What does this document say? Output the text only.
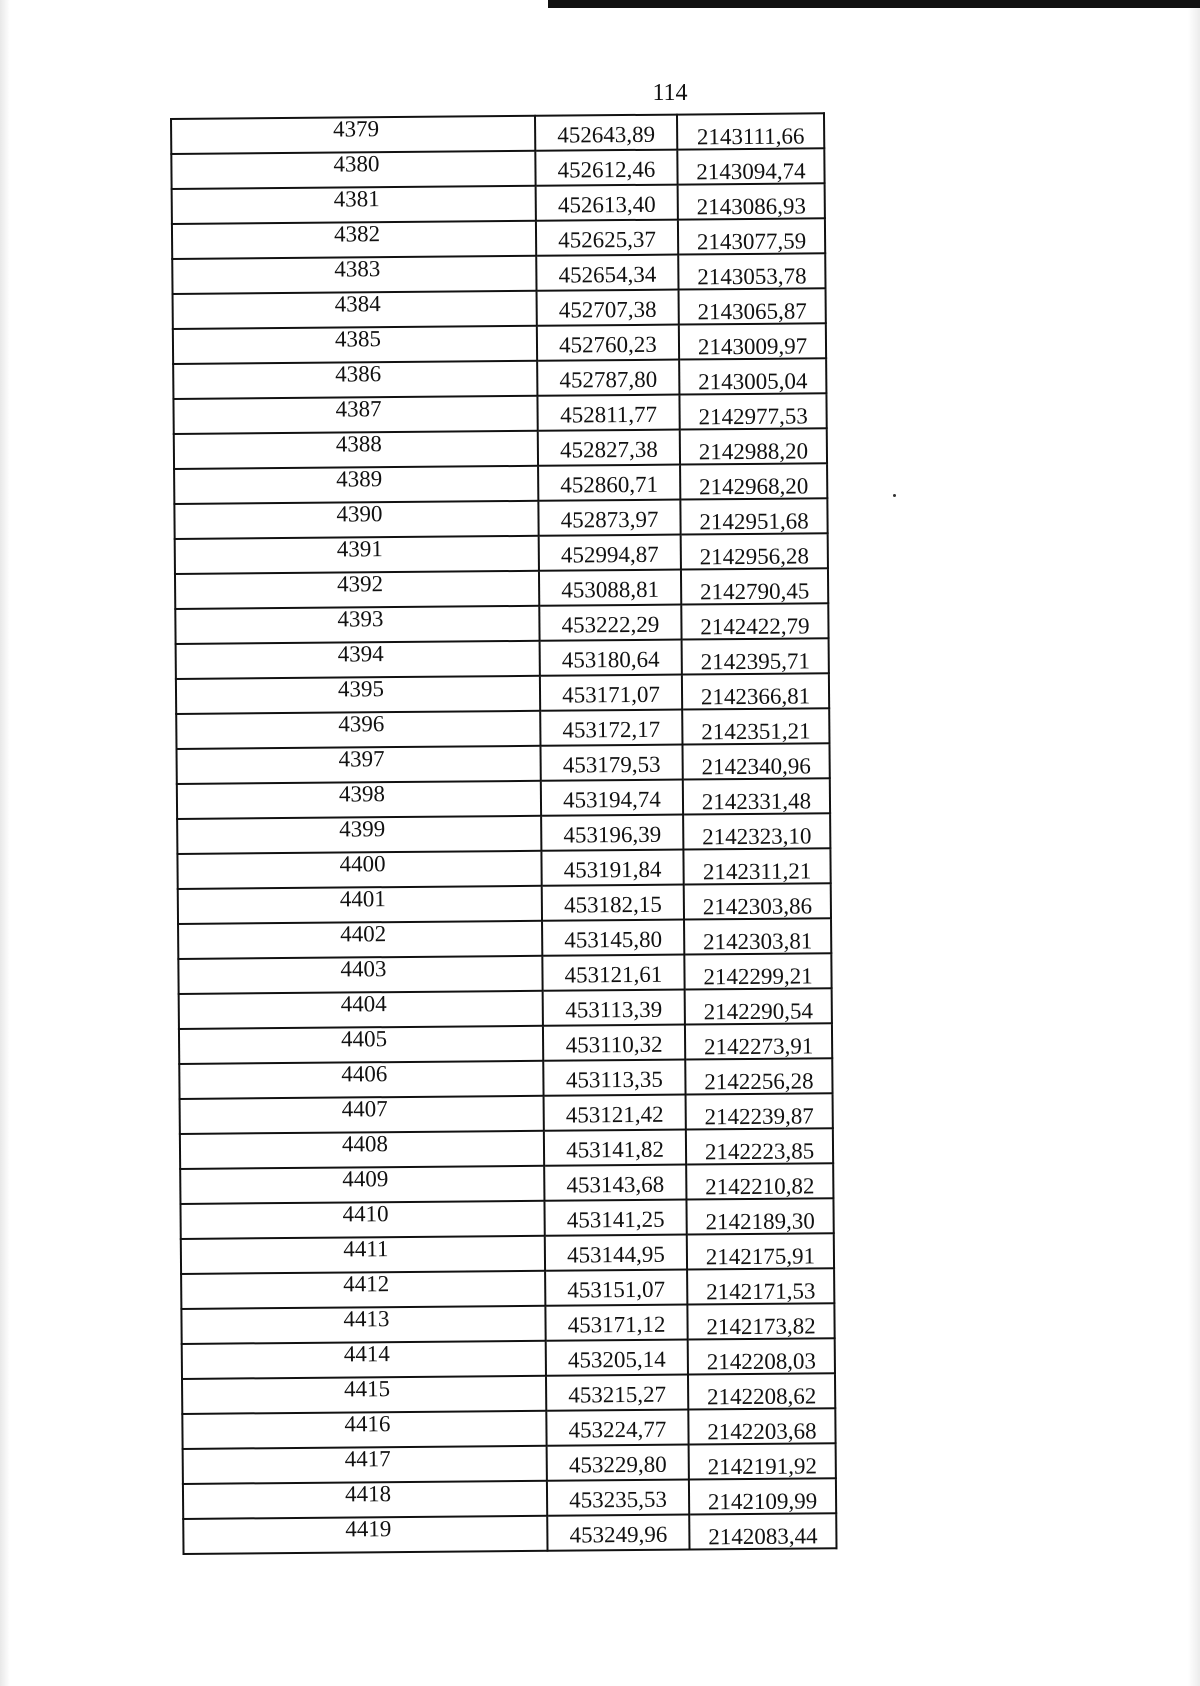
114
4379	452643,89	2143111,66
4380	452612,46	2143094,74
4381	452613,40	2143086,93
4382	452625,37	2143077,59
4383	452654,34	2143053,78
4384	452707,38	2143065,87
4385	452760,23	2143009,97
4386	452787,80	2143005,04
4387	452811,77	2142977,53
4388	452827,38	2142988,20
4389	452860,71	2142968,20
4390	452873,97	2142951,68
4391	452994,87	2142956,28
4392	453088,81	2142790,45
4393	453222,29	2142422,79
4394	453180,64	2142395,71
4395	453171,07	2142366,81
4396	453172,17	2142351,21
4397	453179,53	2142340,96
4398	453194,74	2142331,48
4399	453196,39	2142323,10
4400	453191,84	2142311,21
4401	453182,15	2142303,86
4402	453145,80	2142303,81
4403	453121,61	2142299,21
4404	453113,39	2142290,54
4405	453110,32	2142273,91
4406	453113,35	2142256,28
4407	453121,42	2142239,87
4408	453141,82	2142223,85
4409	453143,68	2142210,82
4410	453141,25	2142189,30
4411	453144,95	2142175,91
4412	453151,07	2142171,53
4413	453171,12	2142173,82
4414	453205,14	2142208,03
4415	453215,27	2142208,62
4416	453224,77	2142203,68
4417	453229,80	2142191,92
4418	453235,53	2142109,99
4419	453249,96	2142083,44
